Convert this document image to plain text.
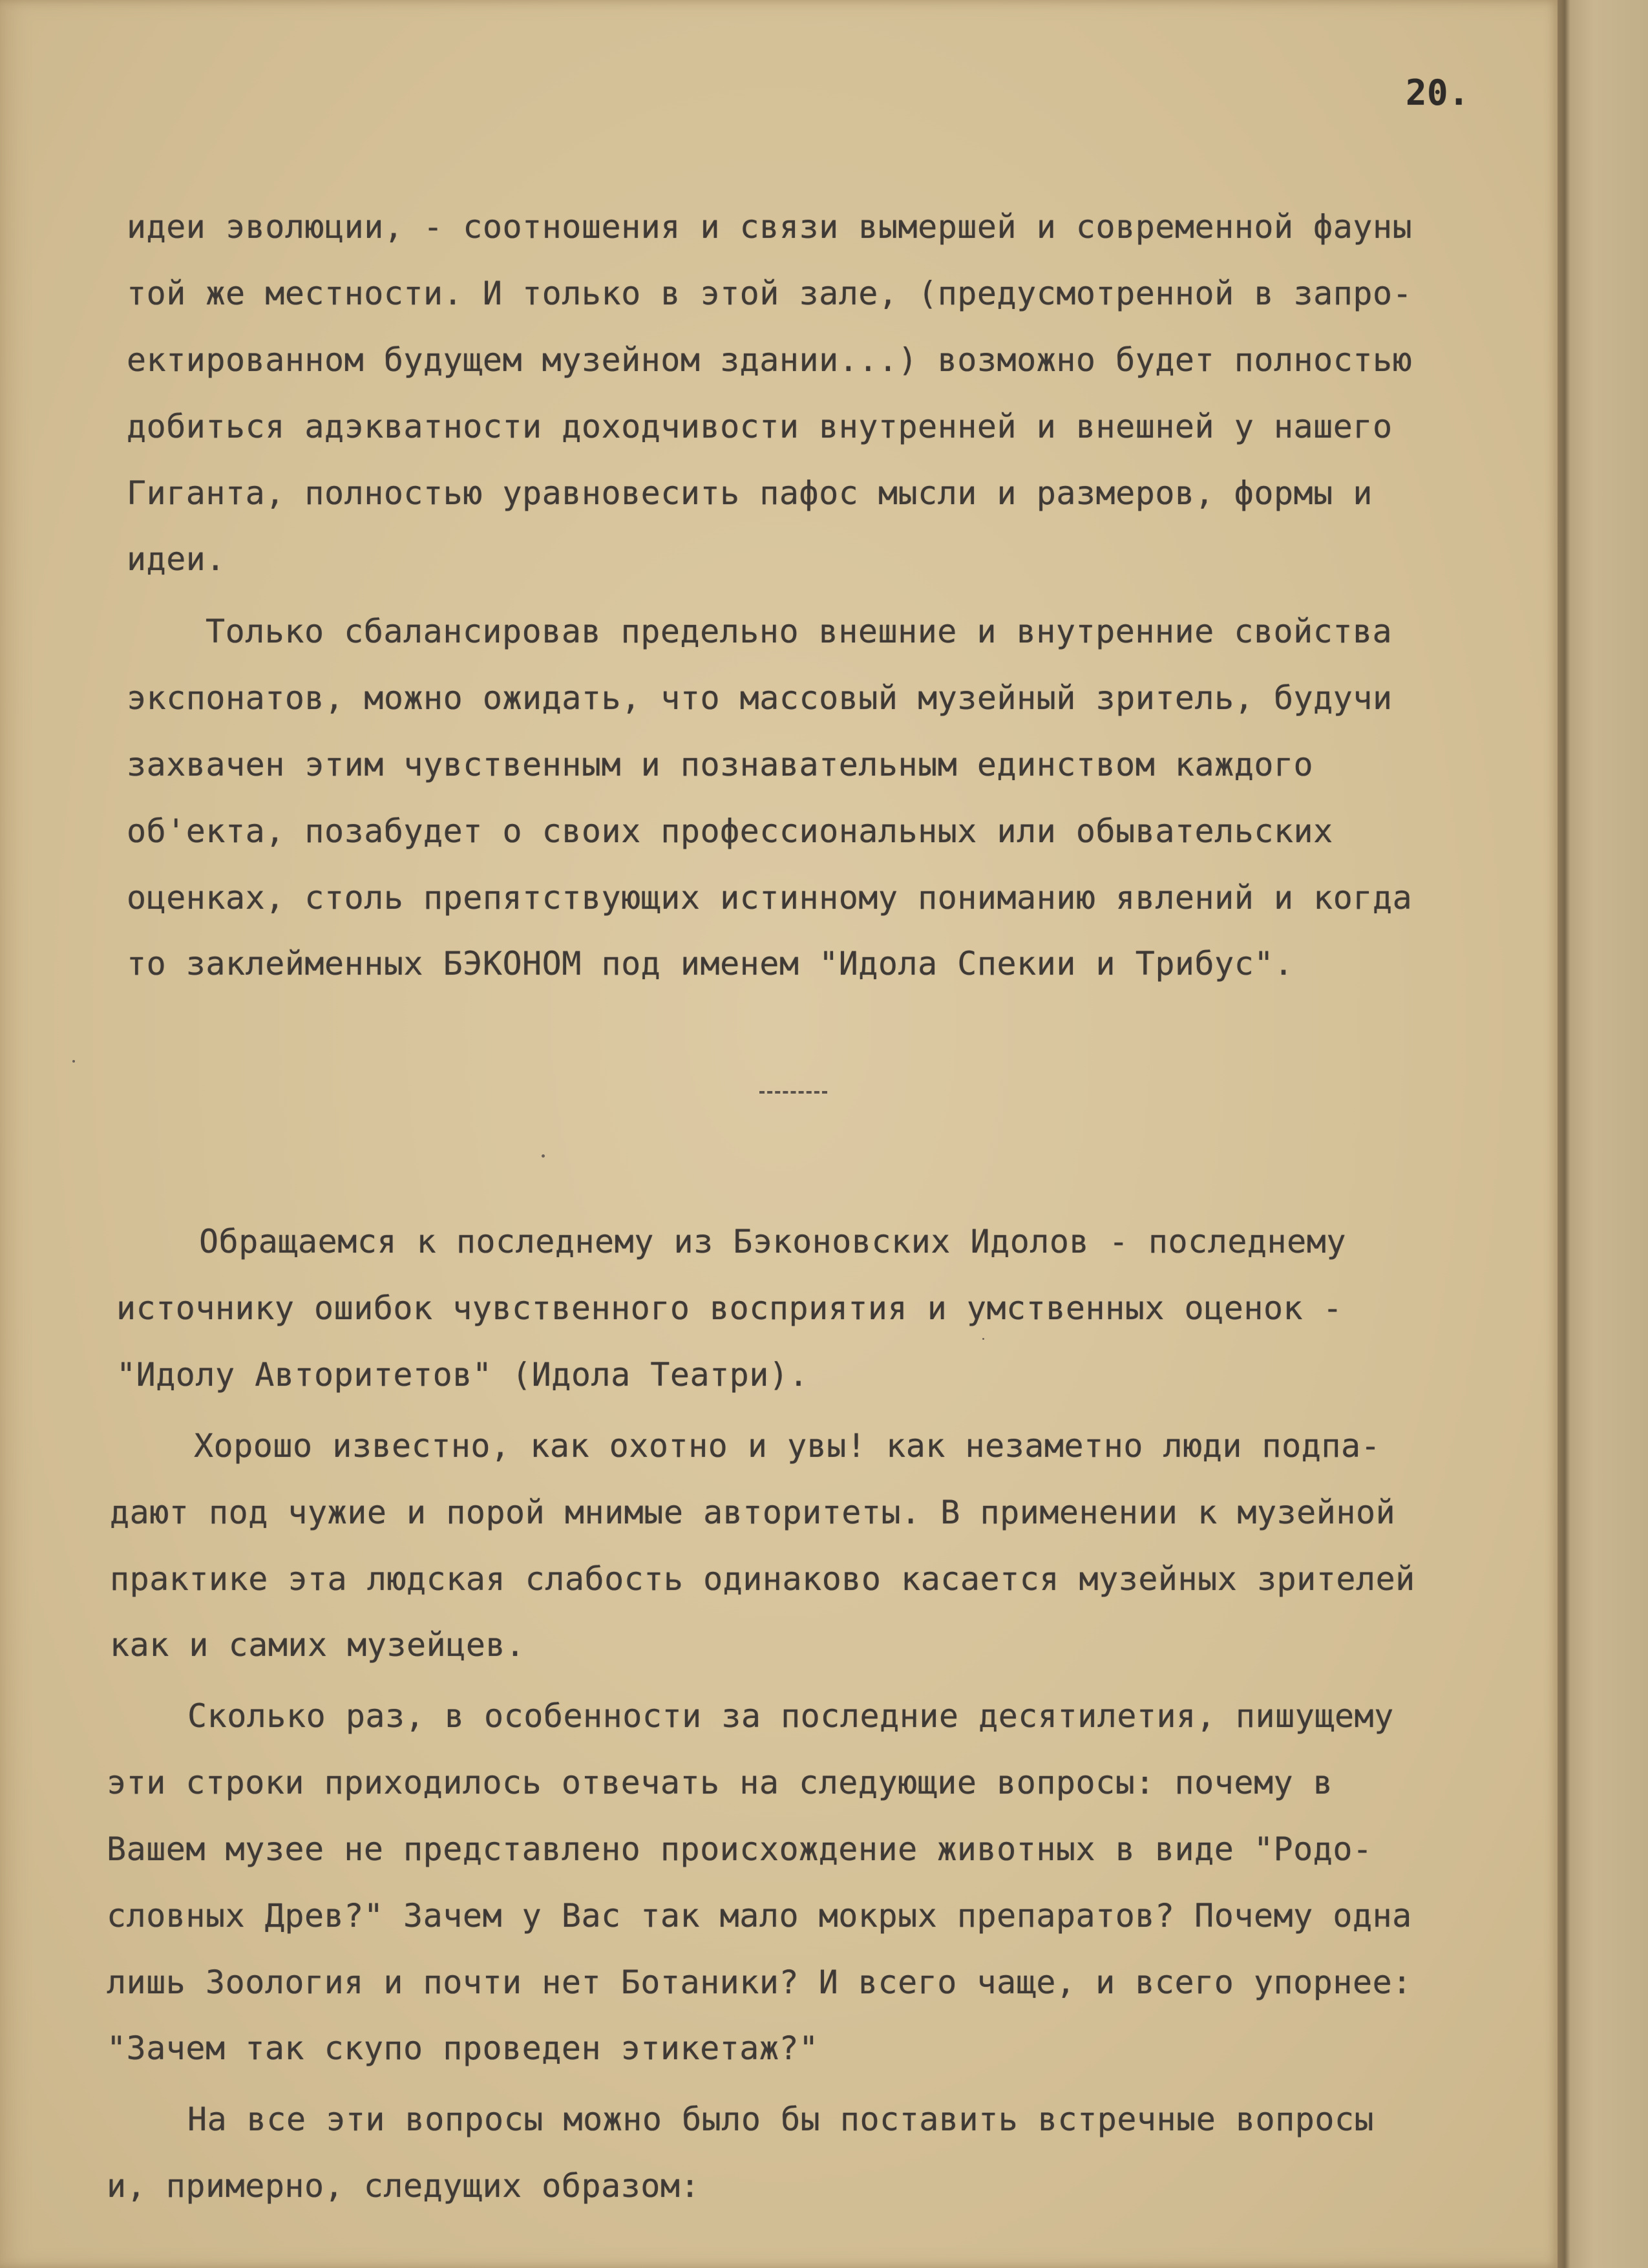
20.
идеи эволюции, - соотношения и связи вымершей и современной фауны
той же местности. И только в этой зале, (предусмотренной в запро-
ектированном будущем музейном здании...) возможно будет полностью
добиться адэкватности доходчивости внутренней и внешней у нашего
Гиганта, полностью уравновесить пафос мысли и размеров, формы и
идеи.
Только сбалансировав предельно внешние и внутренние свойства
экспонатов, можно ожидать, что массовый музейный зритель, будучи
захвачен этим чувственным и познавательным единством каждого
об'екта, позабудет о своих профессиональных или обывательских
оценках, столь препятствующих истинному пониманию явлений и когда
то заклейменных БЭКОНОМ под именем "Идола Спекии и Трибус".
Обращаемся к последнему из Бэконовских Идолов - последнему
источнику ошибок чувственного восприятия и умственных оценок -
"Идолу Авторитетов" (Идола Театри).
Хорошо известно, как охотно и увы! как незаметно люди подпа-
дают под чужие и порой мнимые авторитеты. В применении к музейной
практике эта людская слабость одинаково касается музейных зрителей
как и самих музейцев.
Сколько раз, в особенности за последние десятилетия, пишущему
эти строки приходилось отвечать на следующие вопросы: почему в
Вашем музее не представлено происхождение животных в виде "Родо-
словных Древ?" Зачем у Вас так мало мокрых препаратов? Почему одна
лишь Зоология и почти нет Ботаники? И всего чаще, и всего упорнее:
"Зачем так скупо проведен этикетаж?"
На все эти вопросы можно было бы поставить встречные вопросы
и, примерно, следущих образом:
